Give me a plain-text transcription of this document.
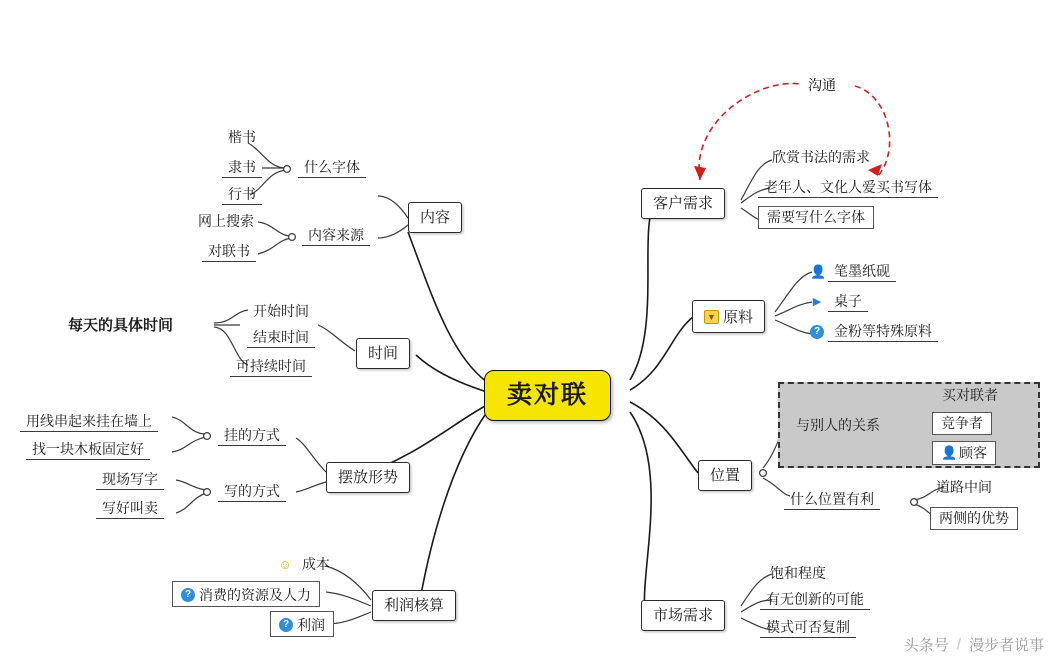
卖对联
沟通
内容
什么字体
楷书
隶书
行书
内容来源
网上搜索
对联书
时间
每天的具体时间
开始时间
结束时间
可持续时间
摆放形势
挂的方式
用线串起来挂在墙上
找一块木板固定好
写的方式
现场写字
写好叫卖
利润核算
☺ 成本
? 消费的资源及人力
? 利润
客户需求
欣赏书法的需求
老年人、文化人爱买书写体
需要写什么字体
▼ 原料
👤 笔墨纸砚
▶ 桌子
? 金粉等特殊原料
位置
与别人的关系
买对联者
竞争者
👤 顾客
什么位置有利
道路中间
两侧的优势
市场需求
饱和程度
有无创新的可能
模式可否复制
头条号 / 漫步者说事
